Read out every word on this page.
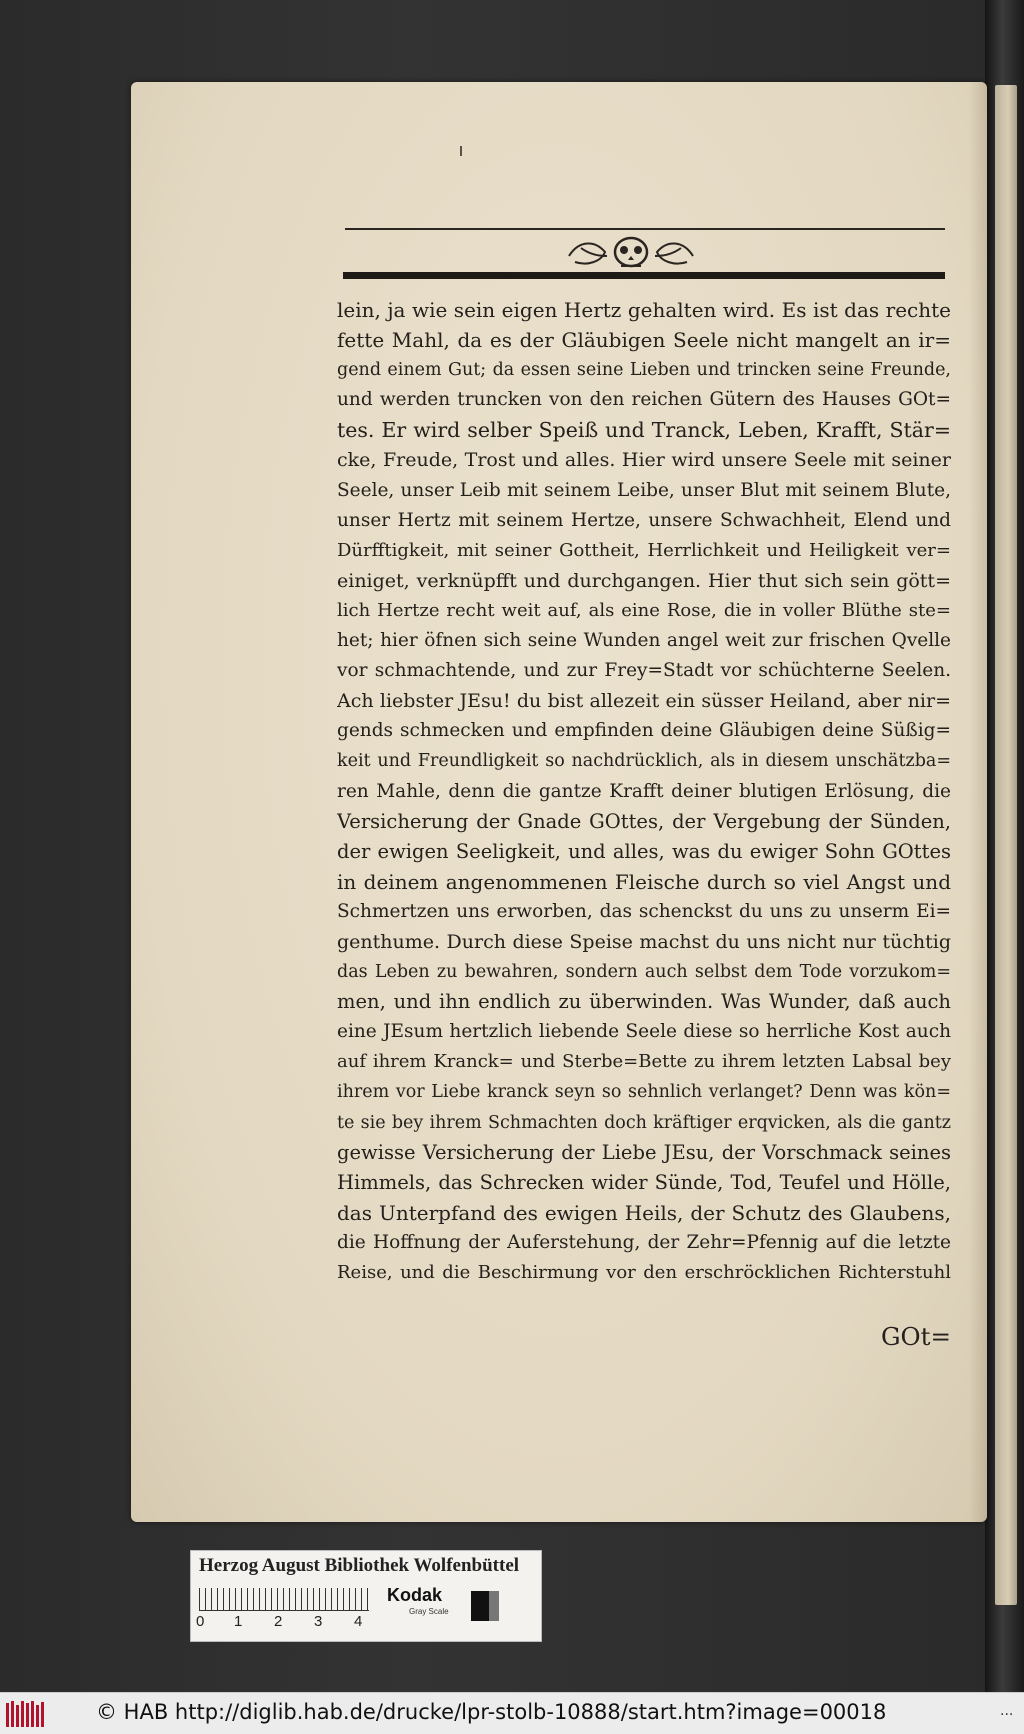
lein, ja wie sein eigen Hertz gehalten wird. Es ist das rechte
fette Mahl, da es der Gläubigen Seele nicht mangelt an ir=
gend einem Gut; da essen seine Lieben und trincken seine Freunde,
und werden truncken von den reichen Gütern des Hauses GOt=
tes. Er wird selber Speiß und Tranck, Leben, Krafft, Stär=
cke, Freude, Trost und alles. Hier wird unsere Seele mit seiner
Seele, unser Leib mit seinem Leibe, unser Blut mit seinem Blute,
unser Hertz mit seinem Hertze, unsere Schwachheit, Elend und
Dürfftigkeit, mit seiner Gottheit, Herrlichkeit und Heiligkeit ver=
einiget, verknüpfft und durchgangen. Hier thut sich sein gött=
lich Hertze recht weit auf, als eine Rose, die in voller Blüthe ste=
het; hier öfnen sich seine Wunden angel weit zur frischen Qvelle
vor schmachtende, und zur Frey=Stadt vor schüchterne Seelen.
Ach liebster JEsu! du bist allezeit ein süsser Heiland, aber nir=
gends schmecken und empfinden deine Gläubigen deine Süßig=
keit und Freundligkeit so nachdrücklich, als in diesem unschätzba=
ren Mahle, denn die gantze Krafft deiner blutigen Erlösung, die
Versicherung der Gnade GOttes, der Vergebung der Sünden,
der ewigen Seeligkeit, und alles, was du ewiger Sohn GOttes
in deinem angenommenen Fleische durch so viel Angst und
Schmertzen uns erworben, das schenckst du uns zu unserm Ei=
genthume. Durch diese Speise machst du uns nicht nur tüchtig
das Leben zu bewahren, sondern auch selbst dem Tode vorzukom=
men, und ihn endlich zu überwinden. Was Wunder, daß auch
eine JEsum hertzlich liebende Seele diese so herrliche Kost auch
auf ihrem Kranck= und Sterbe=Bette zu ihrem letzten Labsal bey
ihrem vor Liebe kranck seyn so sehnlich verlanget? Denn was kön=
te sie bey ihrem Schmachten doch kräftiger erqvicken, als die gantz
gewisse Versicherung der Liebe JEsu, der Vorschmack seines
Himmels, das Schrecken wider Sünde, Tod, Teufel und Hölle,
das Unterpfand des ewigen Heils, der Schutz des Glaubens,
die Hoffnung der Auferstehung, der Zehr=Pfennig auf die letzte
Reise, und die Beschirmung vor den erschröcklichen Richterstuhl
GOt=
Herzog August Bibliothek Wolfenbüttel
0 1 2 3 4
Kodak
Gray Scale
© HAB http://diglib.hab.de/drucke/lpr-stolb-10888/start.htm?image=00018	...
